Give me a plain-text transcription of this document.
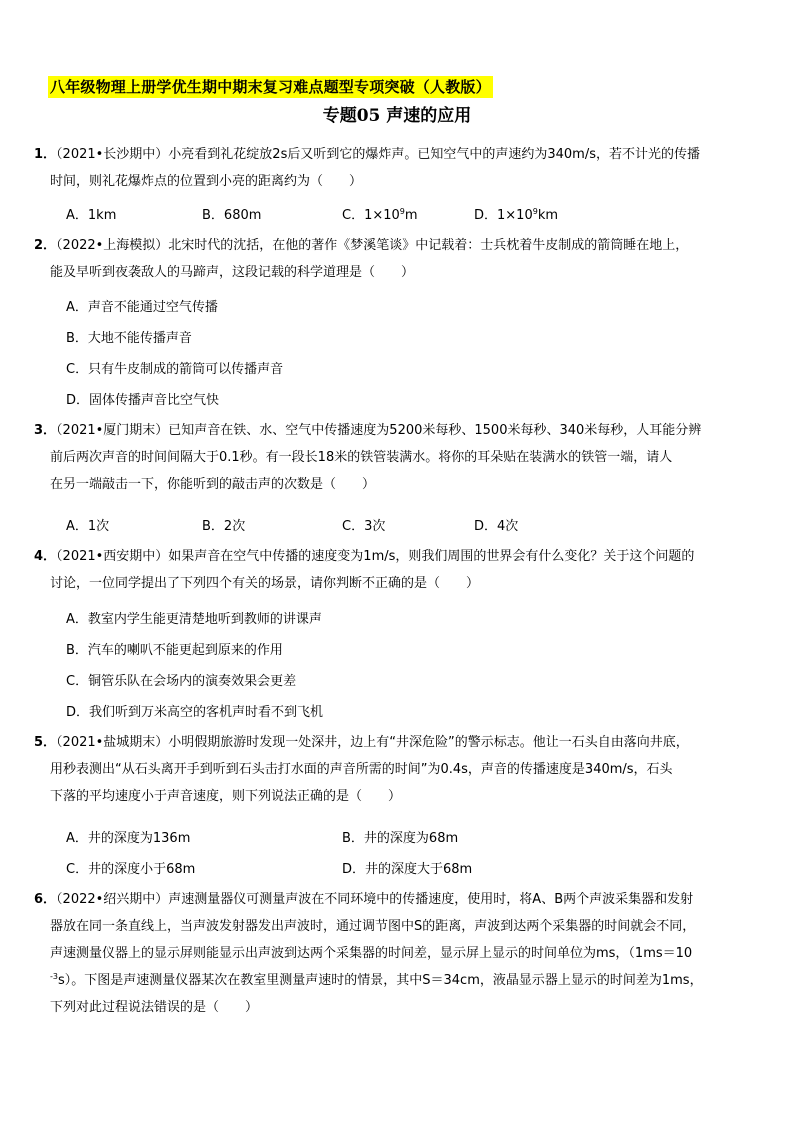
八年级物理上册学优生期中期末复习难点题型专项突破（人教版）
专题05 声速的应用
1．（2021•长沙期中）小亮看到礼花绽放2s后又听到它的爆炸声。已知空气中的声速约为340m/s，若不计光的传播
时间，则礼花爆炸点的位置到小亮的距离约为（　　）
A．1km	B．680m	C．$1\times 10^9m$	D．$1\times 10^9km$
2．（2022•上海模拟）北宋时代的沈括，在他的著作《梦溪笔谈》中记载着：士兵枕着牛皮制成的箭筒睡在地上，
能及早听到夜袭敌人的马蹄声，这段记载的科学道理是（　　）
A．声音不能通过空气传播
B．大地不能传播声音
C．只有牛皮制成的箭筒可以传播声音
D．固体传播声音比空气快
3．（2021•厦门期末）已知声音在铁、水、空气中传播速度为5200米每秒、1500米每秒、340米每秒，人耳能分辨
前后两次声音的时间间隔大于0.1秒。有一段长18米的铁管装满水。将你的耳朵贴在装满水的铁管一端，请人
在另一端敲击一下，你能听到的敲击声的次数是（　　）
A．1次	B．2次	C．3次	D．4次
4．（2021•西安期中）如果声音在空气中传播的速度变为1m/s，则我们周围的世界会有什么变化？关于这个问题的
讨论，一位同学提出了下列四个有关的场景，请你判断不正确的是（　　）
A．教室内学生能更清楚地听到教师的讲课声
B．汽车的喇叭不能更起到原来的作用
C．铜管乐队在会场内的演奏效果会更差
D．我们听到万米高空的客机声时看不到飞机
5．（2021•盐城期末）小明假期旅游时发现一处深井，边上有“井深危险”的警示标志。他让一石头自由落向井底，
用秒表测出“从石头离开手到听到石头击打水面的声音所需的时间”为0.4s，声音的传播速度是340m/s，石头
下落的平均速度小于声音速度，则下列说法正确的是（　　）
A．井的深度为136m	B．井的深度为68m
C．井的深度小于68m	D．井的深度大于68m
6．（2022•绍兴期中）声速测量器仪可测量声波在不同环境中的传播速度，使用时，将A、B两个声波采集器和发射
器放在同一条直线上，当声波发射器发出声波时，通过调节图中S的距离，声波到达两个采集器的时间就会不同，
声速测量仪器上的显示屏则能显示出声波到达两个采集器的时间差，显示屏上显示的时间单位为ms，（1ms＝10
$^{-3}$s）。下图是声速测量仪器某次在教室里测量声速时的情景，其中S＝34cm，液晶显示器上显示的时间差为1ms，
下列对此过程说法错误的是（　　）
